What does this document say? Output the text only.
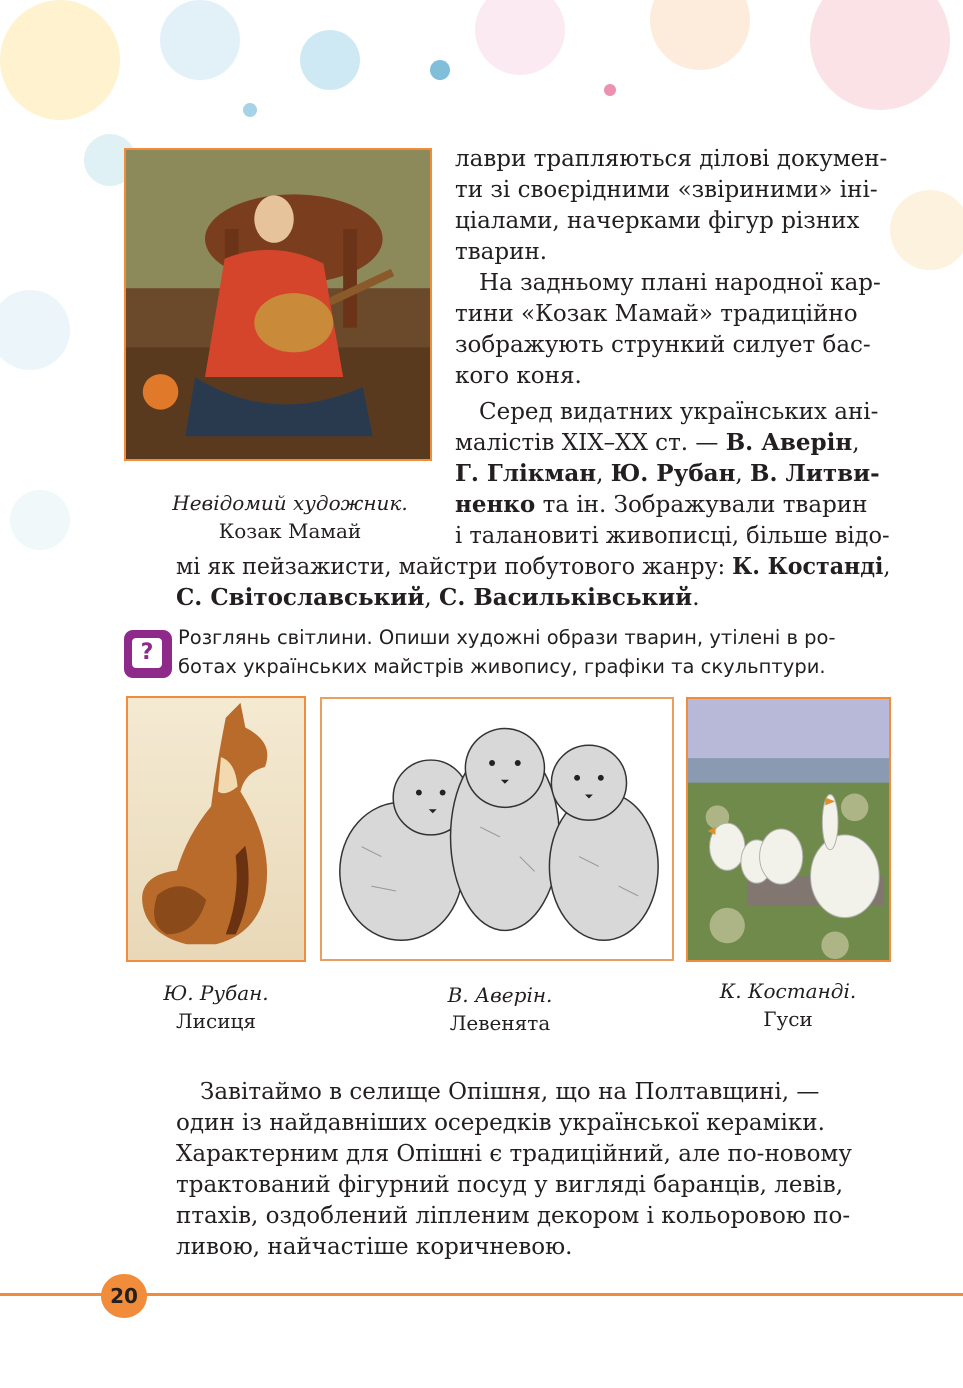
Невідомий художник.
Козак Мамай
лаври трапляються ділові докумен-
ти зі своєрідними «звіриними» іні-
ціалами, начерками фігур різних
тварин.
На задньому плані народної кар-
тини «Козак Мамай» традиційно
зображують стрункий силует бас-
кого коня.
Серед видатних українських ані-
малістів XIX–XX ст. — В. Аверін,
Г. Глікман, Ю. Рубан, В. Литви-
ненко та ін. Зображували тварин
і талановиті живописці, більше відо-
мі як пейзажисти, майстри побутового жанру: К. Костанді,
С. Світославський, С. Васильківський.
?
Розглянь світлини. Опиши художні образи тварин, утілені в ро-
ботах українських майстрів живопису, графіки та скульптури.
Ю. Рубан.
Лисиця
В. Аверін.
Левенята
К. Костанді.
Гуси
Завітаймо в селище Опішня, що на Полтавщині, —
один із найдавніших осередків української кераміки.
Характерним для Опішні є традиційний, але по-новому
трактований фігурний посуд у вигляді баранців, левів,
птахів, оздоблений ліпленим декором і кольоровою по-
ливою, найчастіше коричневою.
20
